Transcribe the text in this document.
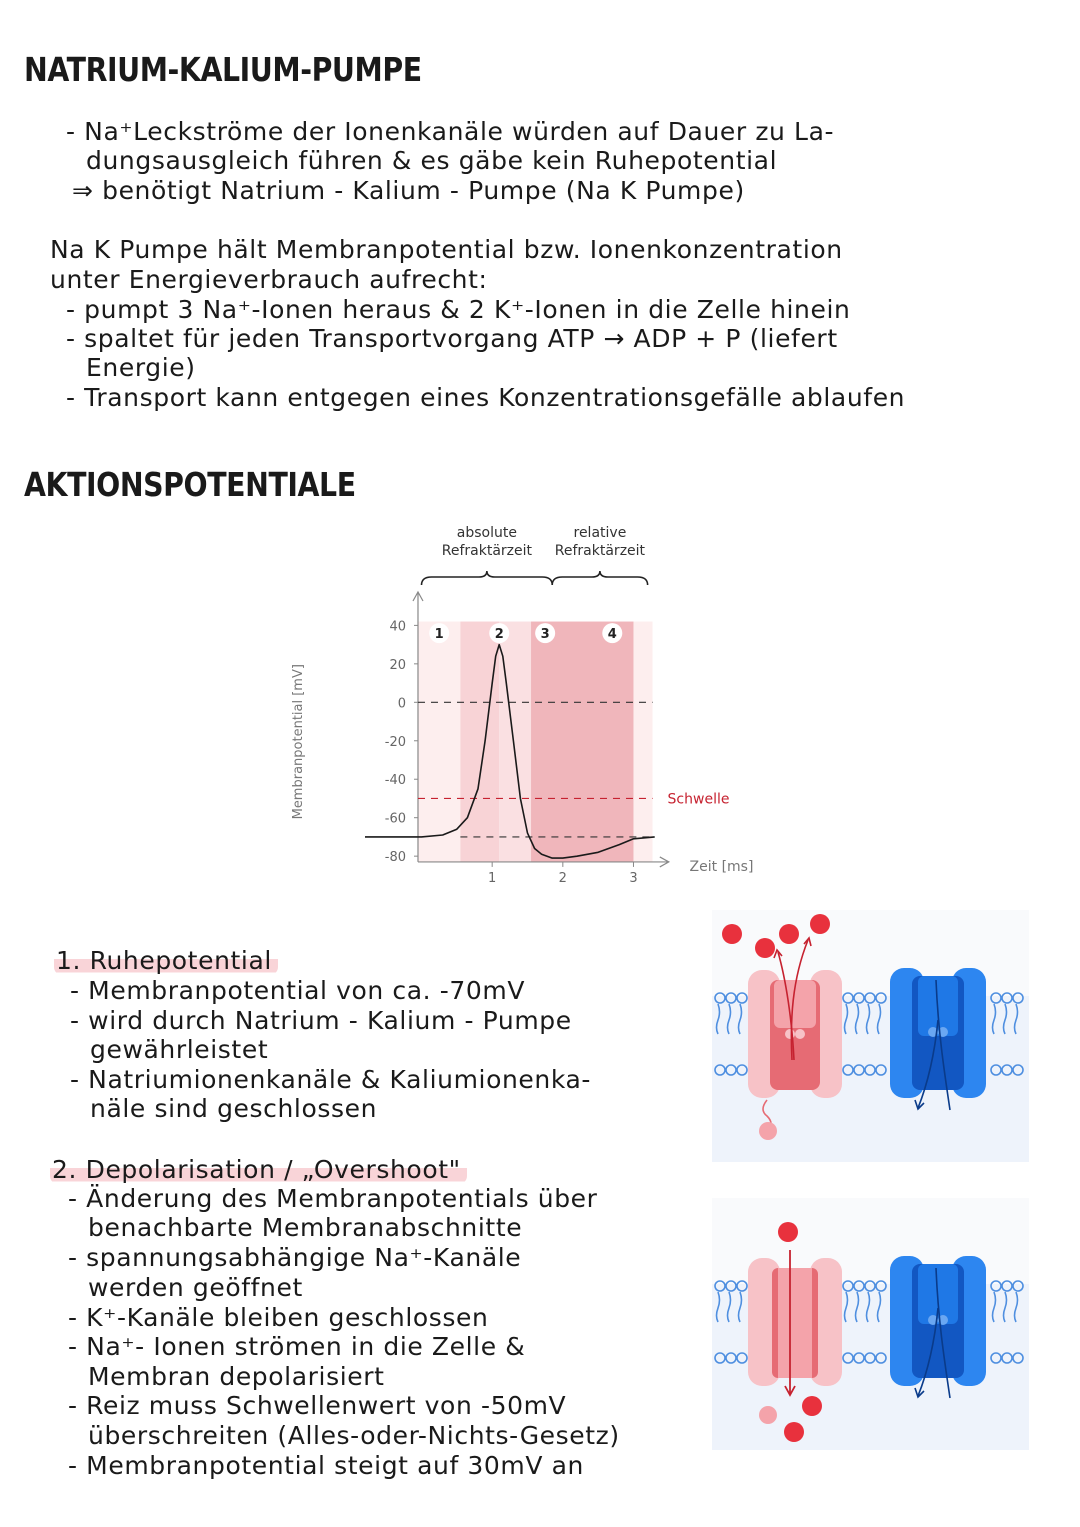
NATRIUM-KALIUM-PUMPE
- Na⁺Leckströme der Ionenkanäle würden auf Dauer zu La-
dungsausgleich führen & es gäbe kein Ruhepotential
⇒ benötigt Natrium - Kalium - Pumpe (Na K Pumpe)
Na K Pumpe hält Membranpotential bzw. Ionenkonzentration
unter Energieverbrauch aufrecht:
- pumpt 3 Na⁺-Ionen heraus & 2 K⁺-Ionen in die Zelle hinein
- spaltet für jeden Transportvorgang ATP → ADP + P (liefert
Energie)
- Transport kann entgegen eines Konzentrationsgefälle ablaufen
AKTIONSPOTENTIALE
absolute
Refraktärzeit
relative
Refraktärzeit
40
20
0
-20
-40
-60
-80
1	2	3
Schwelle
1	2	3	4
Membranpotential [mV]
Zeit [ms]
1. Ruhepotential
- Membranpotential von ca. -70mV
- wird durch Natrium - Kalium - Pumpe
gewährleistet
- Natriumionenkanäle & Kaliumionenka-
näle sind geschlossen
2. Depolarisation / „Overshoot"
- Änderung des Membranpotentials über
benachbarte Membranabschnitte
- spannungsabhängige Na⁺-Kanäle
werden geöffnet
- K⁺-Kanäle bleiben geschlossen
- Na⁺- Ionen strömen in die Zelle &
Membran depolarisiert
- Reiz muss Schwellenwert von -50mV
überschreiten (Alles-oder-Nichts-Gesetz)
- Membranpotential steigt auf 30mV an
